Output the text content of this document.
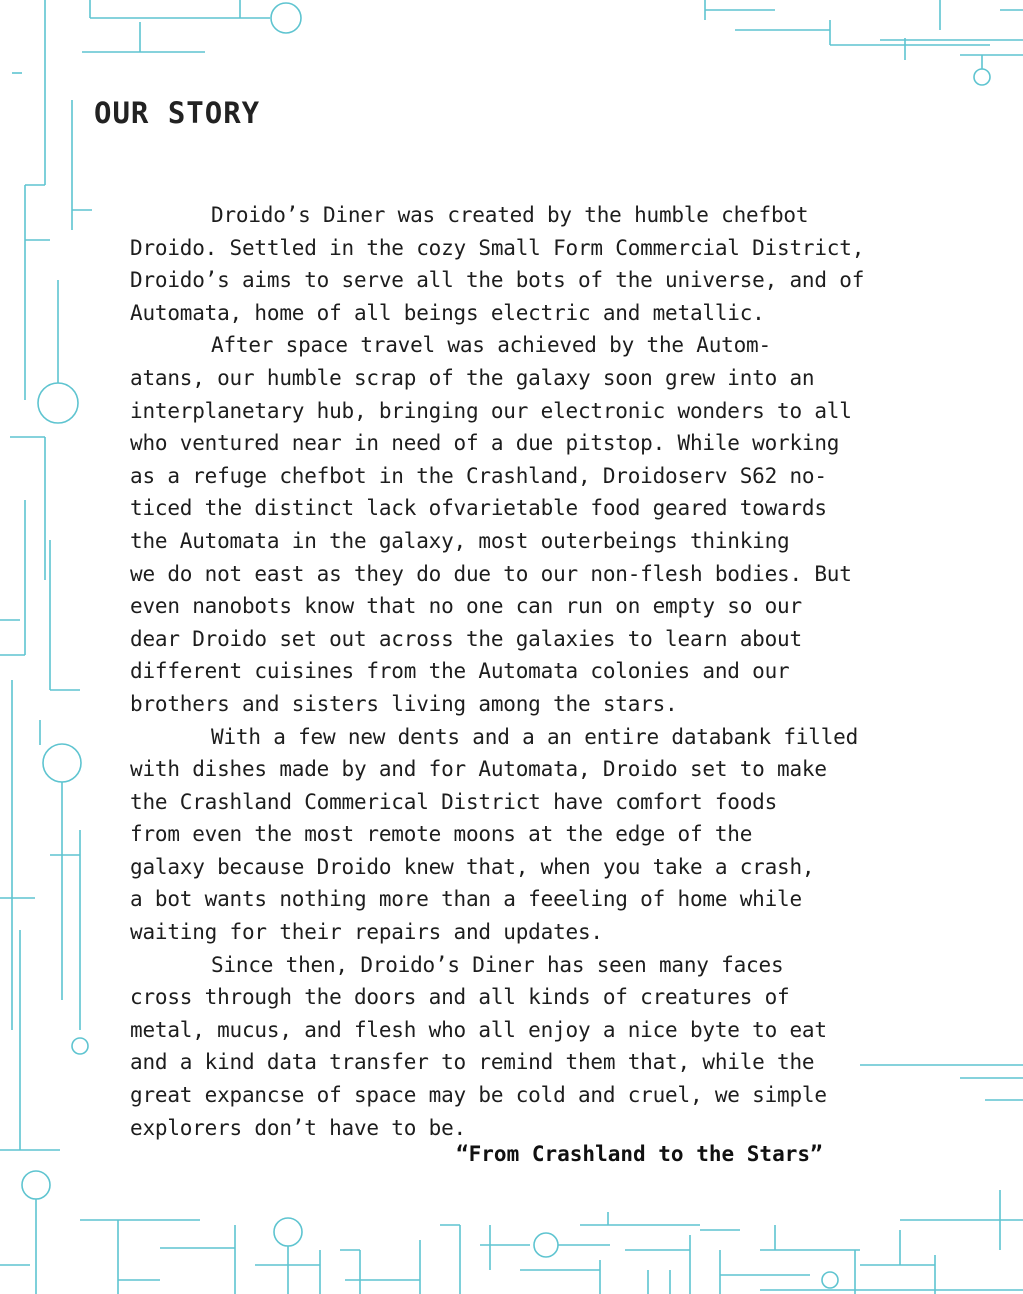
OUR STORY
Droido’s Diner was created by the humble chefbot
Droido. Settled in the cozy Small Form Commercial District,
Droido’s aims to serve all the bots of the universe, and of
Automata, home of all beings electric and metallic.
After space travel was achieved by the Autom-
atans, our humble scrap of the galaxy soon grew into an
interplanetary hub, bringing our electronic wonders to all
who ventured near in need of a due pitstop. While working
as a refuge chefbot in the Crashland, Droidoserv S62 no-
ticed the distinct lack ofvarietable food geared towards
the Automata in the galaxy, most outerbeings thinking
we do not east as they do due to our non-flesh bodies. But
even nanobots know that no one can run on empty so our
dear Droido set out across the galaxies to learn about
different cuisines from the Automata colonies and our
brothers and sisters living among the stars.
With a few new dents and a an entire databank filled
with dishes made by and for Automata, Droido set to make
the Crashland Commerical District have comfort foods
from even the most remote moons at the edge of the
galaxy because Droido knew that, when you take a crash,
a bot wants nothing more than a feeeling of home while
waiting for their repairs and updates.
Since then, Droido’s Diner has seen many faces
cross through the doors and all kinds of creatures of
metal, mucus, and flesh who all enjoy a nice byte to eat
and a kind data transfer to remind them that, while the
great expancse of space may be cold and cruel, we simple
explorers don’t have to be.

“From Crashland to the Stars”
